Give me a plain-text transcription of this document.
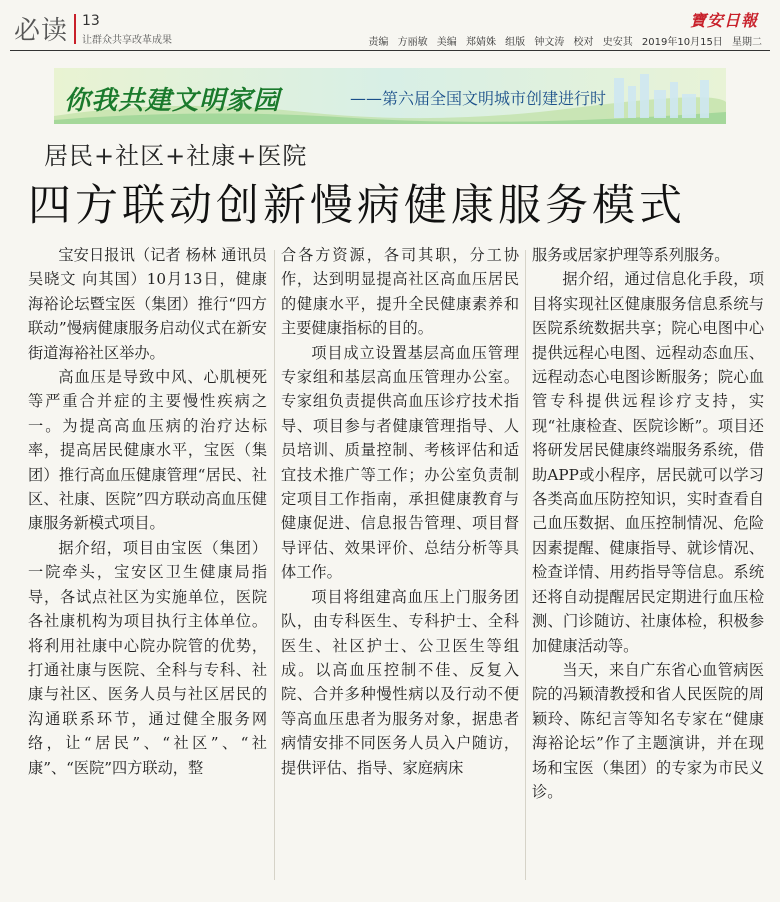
必读 13
让群众共享改革成果
寶安日報
责编 方丽敏 美编 郑婧姝 组版 钟文涛 校对 史安其 2019年10月15日 星期二
你我共建文明家园	——第六届全国文明城市创建进行时
居民+社区+社康+医院
四方联动创新慢病健康服务模式

宝安日报讯（记者 杨林 通讯员 吴晓文 向其国）10月13日，健康海裕论坛暨宝医（集团）推行“四方联动”慢病健康服务启动仪式在新安街道海裕社区举办。

高血压是导致中风、心肌梗死等严重合并症的主要慢性疾病之一。为提高高血压病的治疗达标率，提高居民健康水平，宝医（集团）推行高血压健康管理“居民、社区、社康、医院”四方联动高血压健康服务新模式项目。

据介绍，项目由宝医（集团）一院牵头，宝安区卫生健康局指导，各试点社区为实施单位，医院各社康机构为项目执行主体单位。将利用社康中心院办院管的优势，打通社康与医院、全科与专科、社康与社区、医务人员与社区居民的沟通联系环节，通过健全服务网络，让“居民”、“社区”、“社康”、“医院”四方联动，整

合各方资源，各司其职，分工协作，达到明显提高社区高血压居民的健康水平，提升全民健康素养和主要健康指标的目的。

项目成立设置基层高血压管理专家组和基层高血压管理办公室。专家组负责提供高血压诊疗技术指导、项目参与者健康管理指导、人员培训、质量控制、考核评估和适宜技术推广等工作；办公室负责制定项目工作指南，承担健康教育与健康促进、信息报告管理、项目督导评估、效果评价、总结分析等具体工作。

项目将组建高血压上门服务团队，由专科医生、专科护士、全科医生、社区护士、公卫医生等组成。以高血压控制不佳、反复入院、合并多种慢性病以及行动不便等高血压患者为服务对象，据患者病情安排不同医务人员入户随访，提供评估、指导、家庭病床

服务或居家护理等系列服务。

据介绍，通过信息化手段，项目将实现社区健康服务信息系统与医院系统数据共享；院心电图中心提供远程心电图、远程动态血压、远程动态心电图诊断服务；院心血管专科提供远程诊疗支持，实现“社康检查、医院诊断”。项目还将研发居民健康终端服务系统，借助APP或小程序，居民就可以学习各类高血压防控知识，实时查看自己血压数据、血压控制情况、危险因素提醒、健康指导、就诊情况、检查详情、用药指导等信息。系统还将自动提醒居民定期进行血压检测、门诊随访、社康体检，积极参加健康活动等。

当天，来自广东省心血管病医院的冯颖清教授和省人民医院的周颖玲、陈纪言等知名专家在“健康海裕论坛”作了主题演讲，并在现场和宝医（集团）的专家为市民义诊。
